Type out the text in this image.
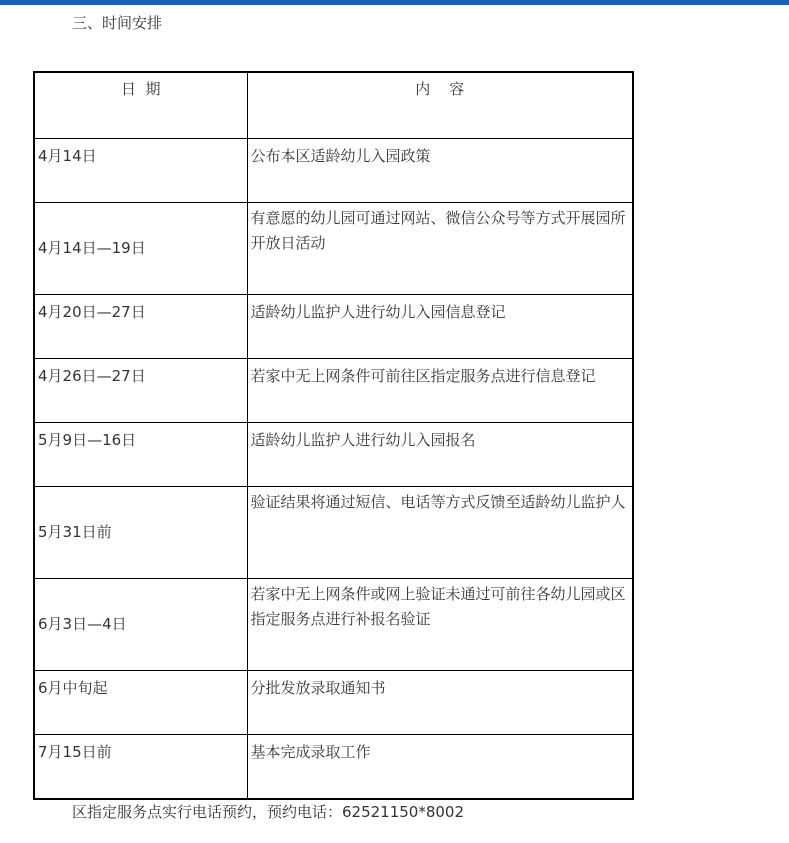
三、时间安排
日  期	内    容
4月14日	公布本区适龄幼儿入园政策
4月14日—19日	有意愿的幼儿园可通过网站、微信公众号等方式开展园所开放日活动
4月20日—27日	适龄幼儿监护人进行幼儿入园信息登记
4月26日—27日	若家中无上网条件可前往区指定服务点进行信息登记
5月9日—16日	适龄幼儿监护人进行幼儿入园报名
5月31日前	验证结果将通过短信、电话等方式反馈至适龄幼儿监护人
6月3日—4日	若家中无上网条件或网上验证未通过可前往各幼儿园或区指定服务点进行补报名验证
6月中旬起	分批发放录取通知书
7月15日前	基本完成录取工作
区指定服务点实行电话预约，预约电话：62521150*8002
